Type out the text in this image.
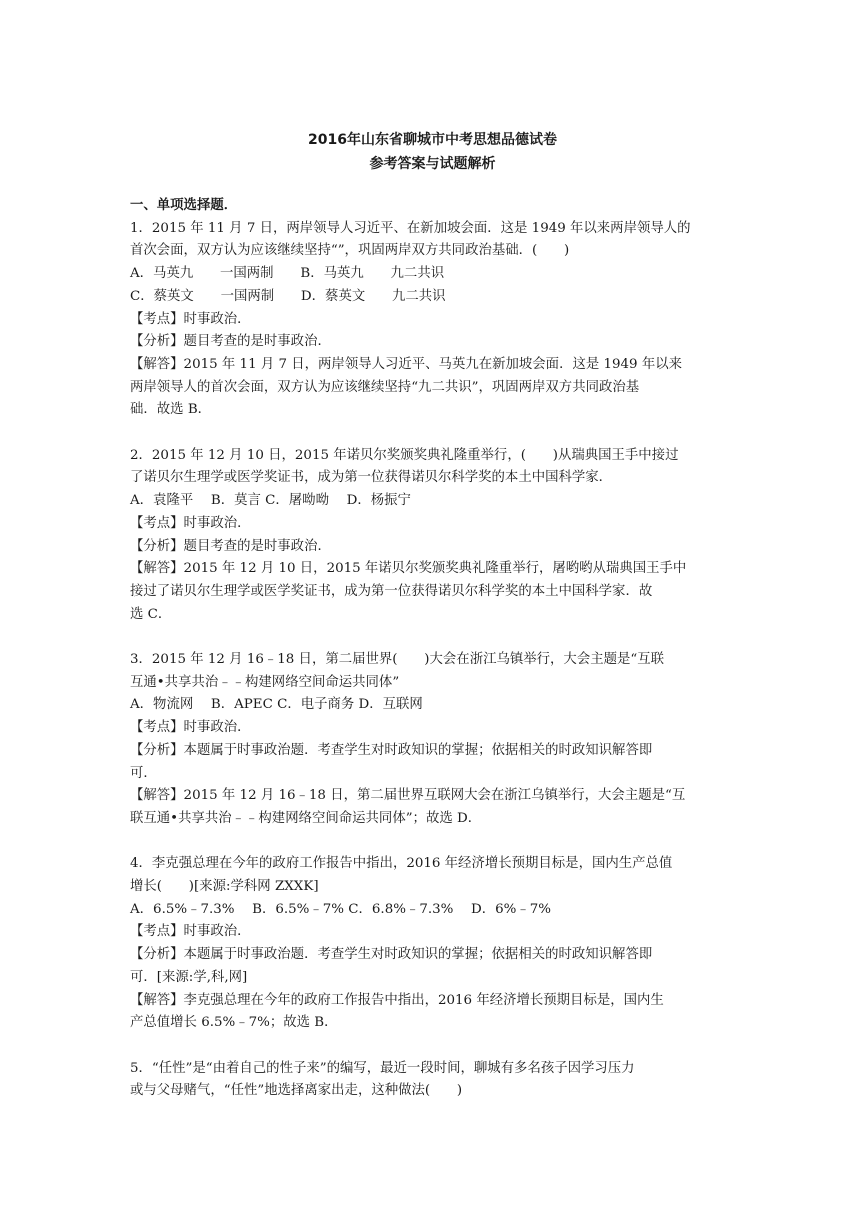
2016年山东省聊城市中考思想品德试卷
参考答案与试题解析
一、单项选择题．
1．2015 年 11 月 7 日，两岸领导人习近平、在新加坡会面．这是 1949 年以来两岸领导人的
首次会面，双方认为应该继续坚持“”，巩固两岸双方共同政治基础．(　　)
A．马英九　　一国两制　　B．马英九　　九二共识
C．蔡英文　　一国两制　　D．蔡英文　　九二共识
【考点】时事政治．
【分析】题目考查的是时事政治．
【解答】2015 年 11 月 7 日，两岸领导人习近平、马英九在新加坡会面．这是 1949 年以来
两岸领导人的首次会面，双方认为应该继续坚持“九二共识”，巩固两岸双方共同政治基
础．故选 B．
2．2015 年 12 月 10 日，2015 年诺贝尔奖颁奖典礼隆重举行，(　　)从瑞典国王手中接过
了诺贝尔生理学或医学奖证书，成为第一位获得诺贝尔科学奖的本土中国科学家．
A．袁隆平　 B．莫言 C．屠呦呦　 D．杨振宁
【考点】时事政治．
【分析】题目考查的是时事政治．
【解答】2015 年 12 月 10 日，2015 年诺贝尔奖颁奖典礼隆重举行，屠哟哟从瑞典国王手中
接过了诺贝尔生理学或医学奖证书，成为第一位获得诺贝尔科学奖的本土中国科学家．故
选 C．
3．2015 年 12 月 16﹣18 日，第二届世界(　　)大会在浙江乌镇举行，大会主题是“互联
互通•共享共治﹣﹣构建网络空间命运共同体”
A．物流网　 B．APEC C．电子商务 D．互联网
【考点】时事政治．
【分析】本题属于时事政治题．考查学生对时政知识的掌握；依据相关的时政知识解答即
可．
【解答】2015 年 12 月 16﹣18 日，第二届世界互联网大会在浙江乌镇举行，大会主题是“互
联互通•共享共治﹣﹣构建网络空间命运共同体”；故选 D．
4．李克强总理在今年的政府工作报告中指出，2016 年经济增长预期目标是，国内生产总值
增长(　　)[来源:学科网 ZXXK]
A．6.5%﹣7.3%　 B．6.5%﹣7% C．6.8%﹣7.3%　 D．6%﹣7%
【考点】时事政治．
【分析】本题属于时事政治题．考查学生对时政知识的掌握；依据相关的时政知识解答即
可．[来源:学,科,网]
【解答】李克强总理在今年的政府工作报告中指出，2016 年经济增长预期目标是，国内生
产总值增长 6.5%﹣7%；故选 B．
5．“任性”是“由着自己的性子来”的编写，最近一段时间，聊城有多名孩子因学习压力
或与父母赌气，“任性”地选择离家出走，这种做法(　　)
